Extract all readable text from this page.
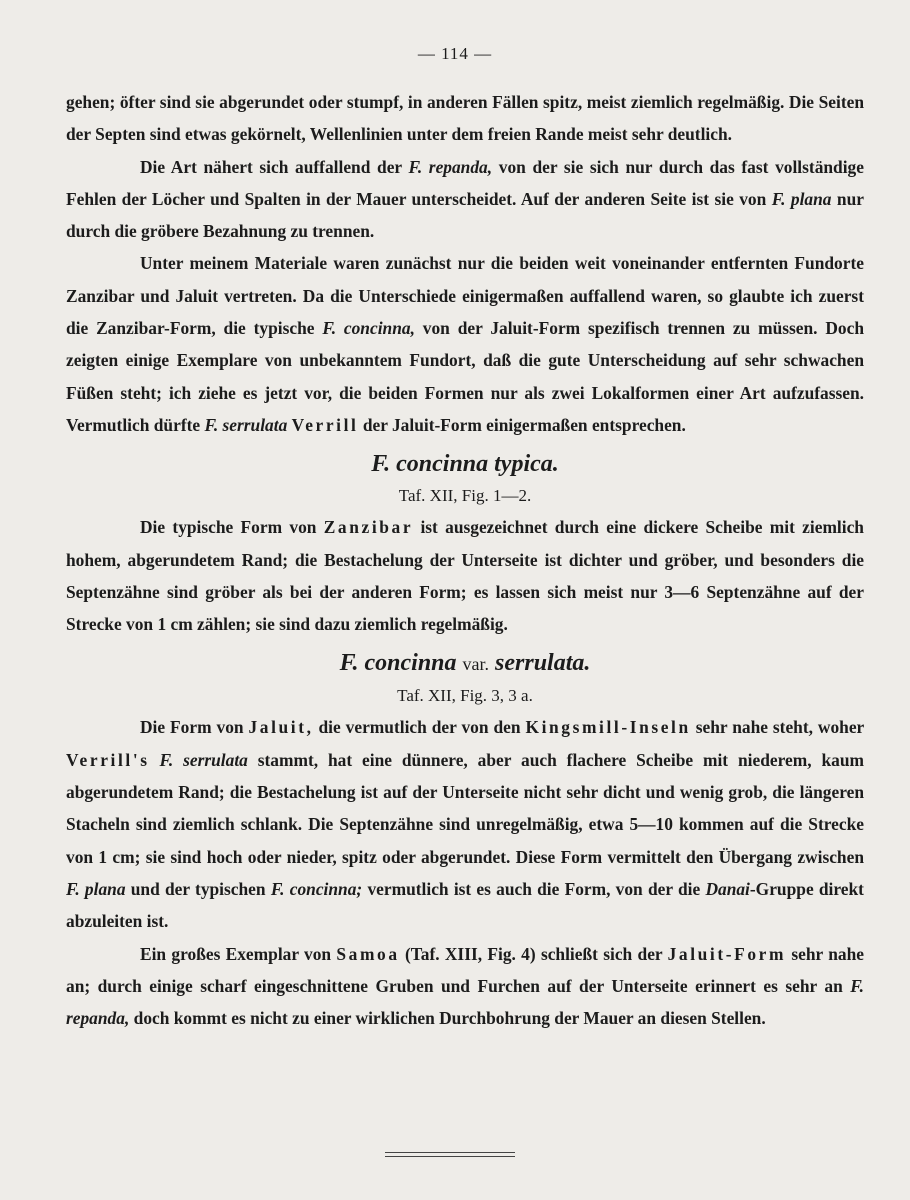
— 114 —

gehen; öfter sind sie abgerundet oder stumpf, in anderen Fällen spitz, meist ziemlich regelmäßig. Die Seiten der Septen sind etwas gekörnelt, Wellenlinien unter dem freien Rande meist sehr deutlich.

Die Art nähert sich auffallend der F. repanda, von der sie sich nur durch das fast vollständige Fehlen der Löcher und Spalten in der Mauer unterscheidet. Auf der anderen Seite ist sie von F. plana nur durch die gröbere Bezahnung zu trennen.

Unter meinem Materiale waren zunächst nur die beiden weit voneinander entfernten Fundorte Zanzibar und Jaluit vertreten. Da die Unterschiede einigermaßen auffallend waren, so glaubte ich zuerst die Zanzibar-Form, die typische F. concinna, von der Jaluit-Form spezifisch trennen zu müssen. Doch zeigten einige Exemplare von unbekanntem Fundort, daß die gute Unterscheidung auf sehr schwachen Füßen steht; ich ziehe es jetzt vor, die beiden Formen nur als zwei Lokalformen einer Art aufzufassen. Vermutlich dürfte F. serrulata Verrill der Jaluit-Form einigermaßen entsprechen.

F. concinna typica.
Taf. XII, Fig. 1—2.

Die typische Form von Zanzibar ist ausgezeichnet durch eine dickere Scheibe mit ziemlich hohem, abgerundetem Rand; die Bestachelung der Unterseite ist dichter und gröber, und besonders die Septenzähne sind gröber als bei der anderen Form; es lassen sich meist nur 3—6 Septenzähne auf der Strecke von 1 cm zählen; sie sind dazu ziemlich regelmäßig.

F. concinna var. serrulata.
Taf. XII, Fig. 3, 3 a.

Die Form von Jaluit, die vermutlich der von den Kingsmill-Inseln sehr nahe steht, woher Verrill's F. serrulata stammt, hat eine dünnere, aber auch flachere Scheibe mit niederem, kaum abgerundetem Rand; die Bestachelung ist auf der Unterseite nicht sehr dicht und wenig grob, die längeren Stacheln sind ziemlich schlank. Die Septenzähne sind unregelmäßig, etwa 5—10 kommen auf die Strecke von 1 cm; sie sind hoch oder nieder, spitz oder abgerundet. Diese Form vermittelt den Übergang zwischen F. plana und der typischen F. concinna; vermutlich ist es auch die Form, von der die Danai-Gruppe direkt abzuleiten ist.

Ein großes Exemplar von Samoa (Taf. XIII, Fig. 4) schließt sich der Jaluit-Form sehr nahe an; durch einige scharf eingeschnittene Gruben und Furchen auf der Unterseite erinnert es sehr an F. repanda, doch kommt es nicht zu einer wirklichen Durchbohrung der Mauer an diesen Stellen.
